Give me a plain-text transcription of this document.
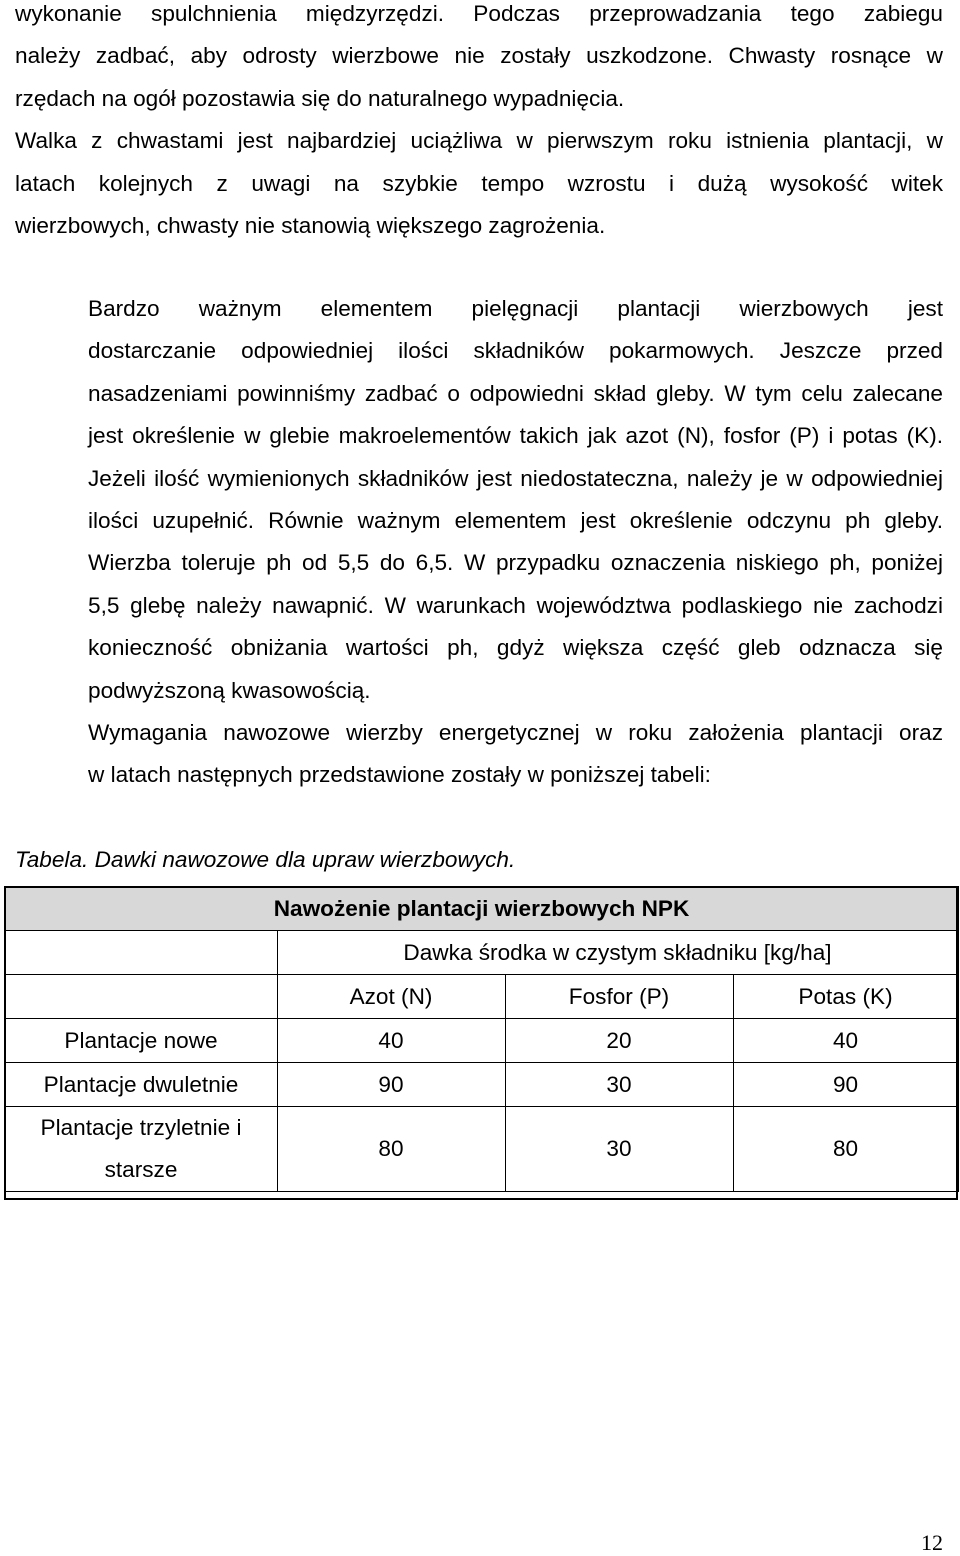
wykonanie spulchnienia międzyrzędzi. Podczas przeprowadzania tego zabiegu
należy zadbać, aby odrosty wierzbowe nie zostały uszkodzone. Chwasty rosnące w
rzędach na ogół pozostawia się do naturalnego wypadnięcia.
Walka z chwastami jest najbardziej uciążliwa w pierwszym roku istnienia plantacji, w
latach kolejnych z uwagi na szybkie tempo wzrostu i dużą wysokość witek
wierzbowych, chwasty nie stanowią większego zagrożenia.

Bardzo ważnym elementem pielęgnacji plantacji wierzbowych jest
dostarczanie odpowiedniej ilości składników pokarmowych. Jeszcze przed
nasadzeniami powinniśmy zadbać o odpowiedni skład gleby. W tym celu zalecane
jest określenie w glebie makroelementów takich jak azot (N), fosfor (P) i potas (K).
Jeżeli ilość wymienionych składników jest niedostateczna, należy je w odpowiedniej
ilości uzupełnić. Równie ważnym elementem jest określenie odczynu ph gleby.
Wierzba toleruje ph od 5,5 do 6,5. W przypadku oznaczenia niskiego ph, poniżej
5,5 glebę należy nawapnić. W warunkach województwa podlaskiego nie zachodzi
konieczność obniżania wartości ph, gdyż większa część gleb odznacza się
podwyższoną kwasowością.

Wymagania nawozowe wierzby energetycznej w roku założenia plantacji oraz
w latach następnych przedstawione zostały w poniższej tabeli:

Tabela. Dawki nawozowe dla upraw wierzbowych.

Nawożenie plantacji wierzbowych NPK			
	Dawka środka w czystym składniku [kg/ha]		
	Azot (N)	Fosfor (P)	Potas (K)
Plantacje nowe	40	20	40
Plantacje dwuletnie	90	30	90
Plantacje trzyletnie i
starsze	80	30	80
12
